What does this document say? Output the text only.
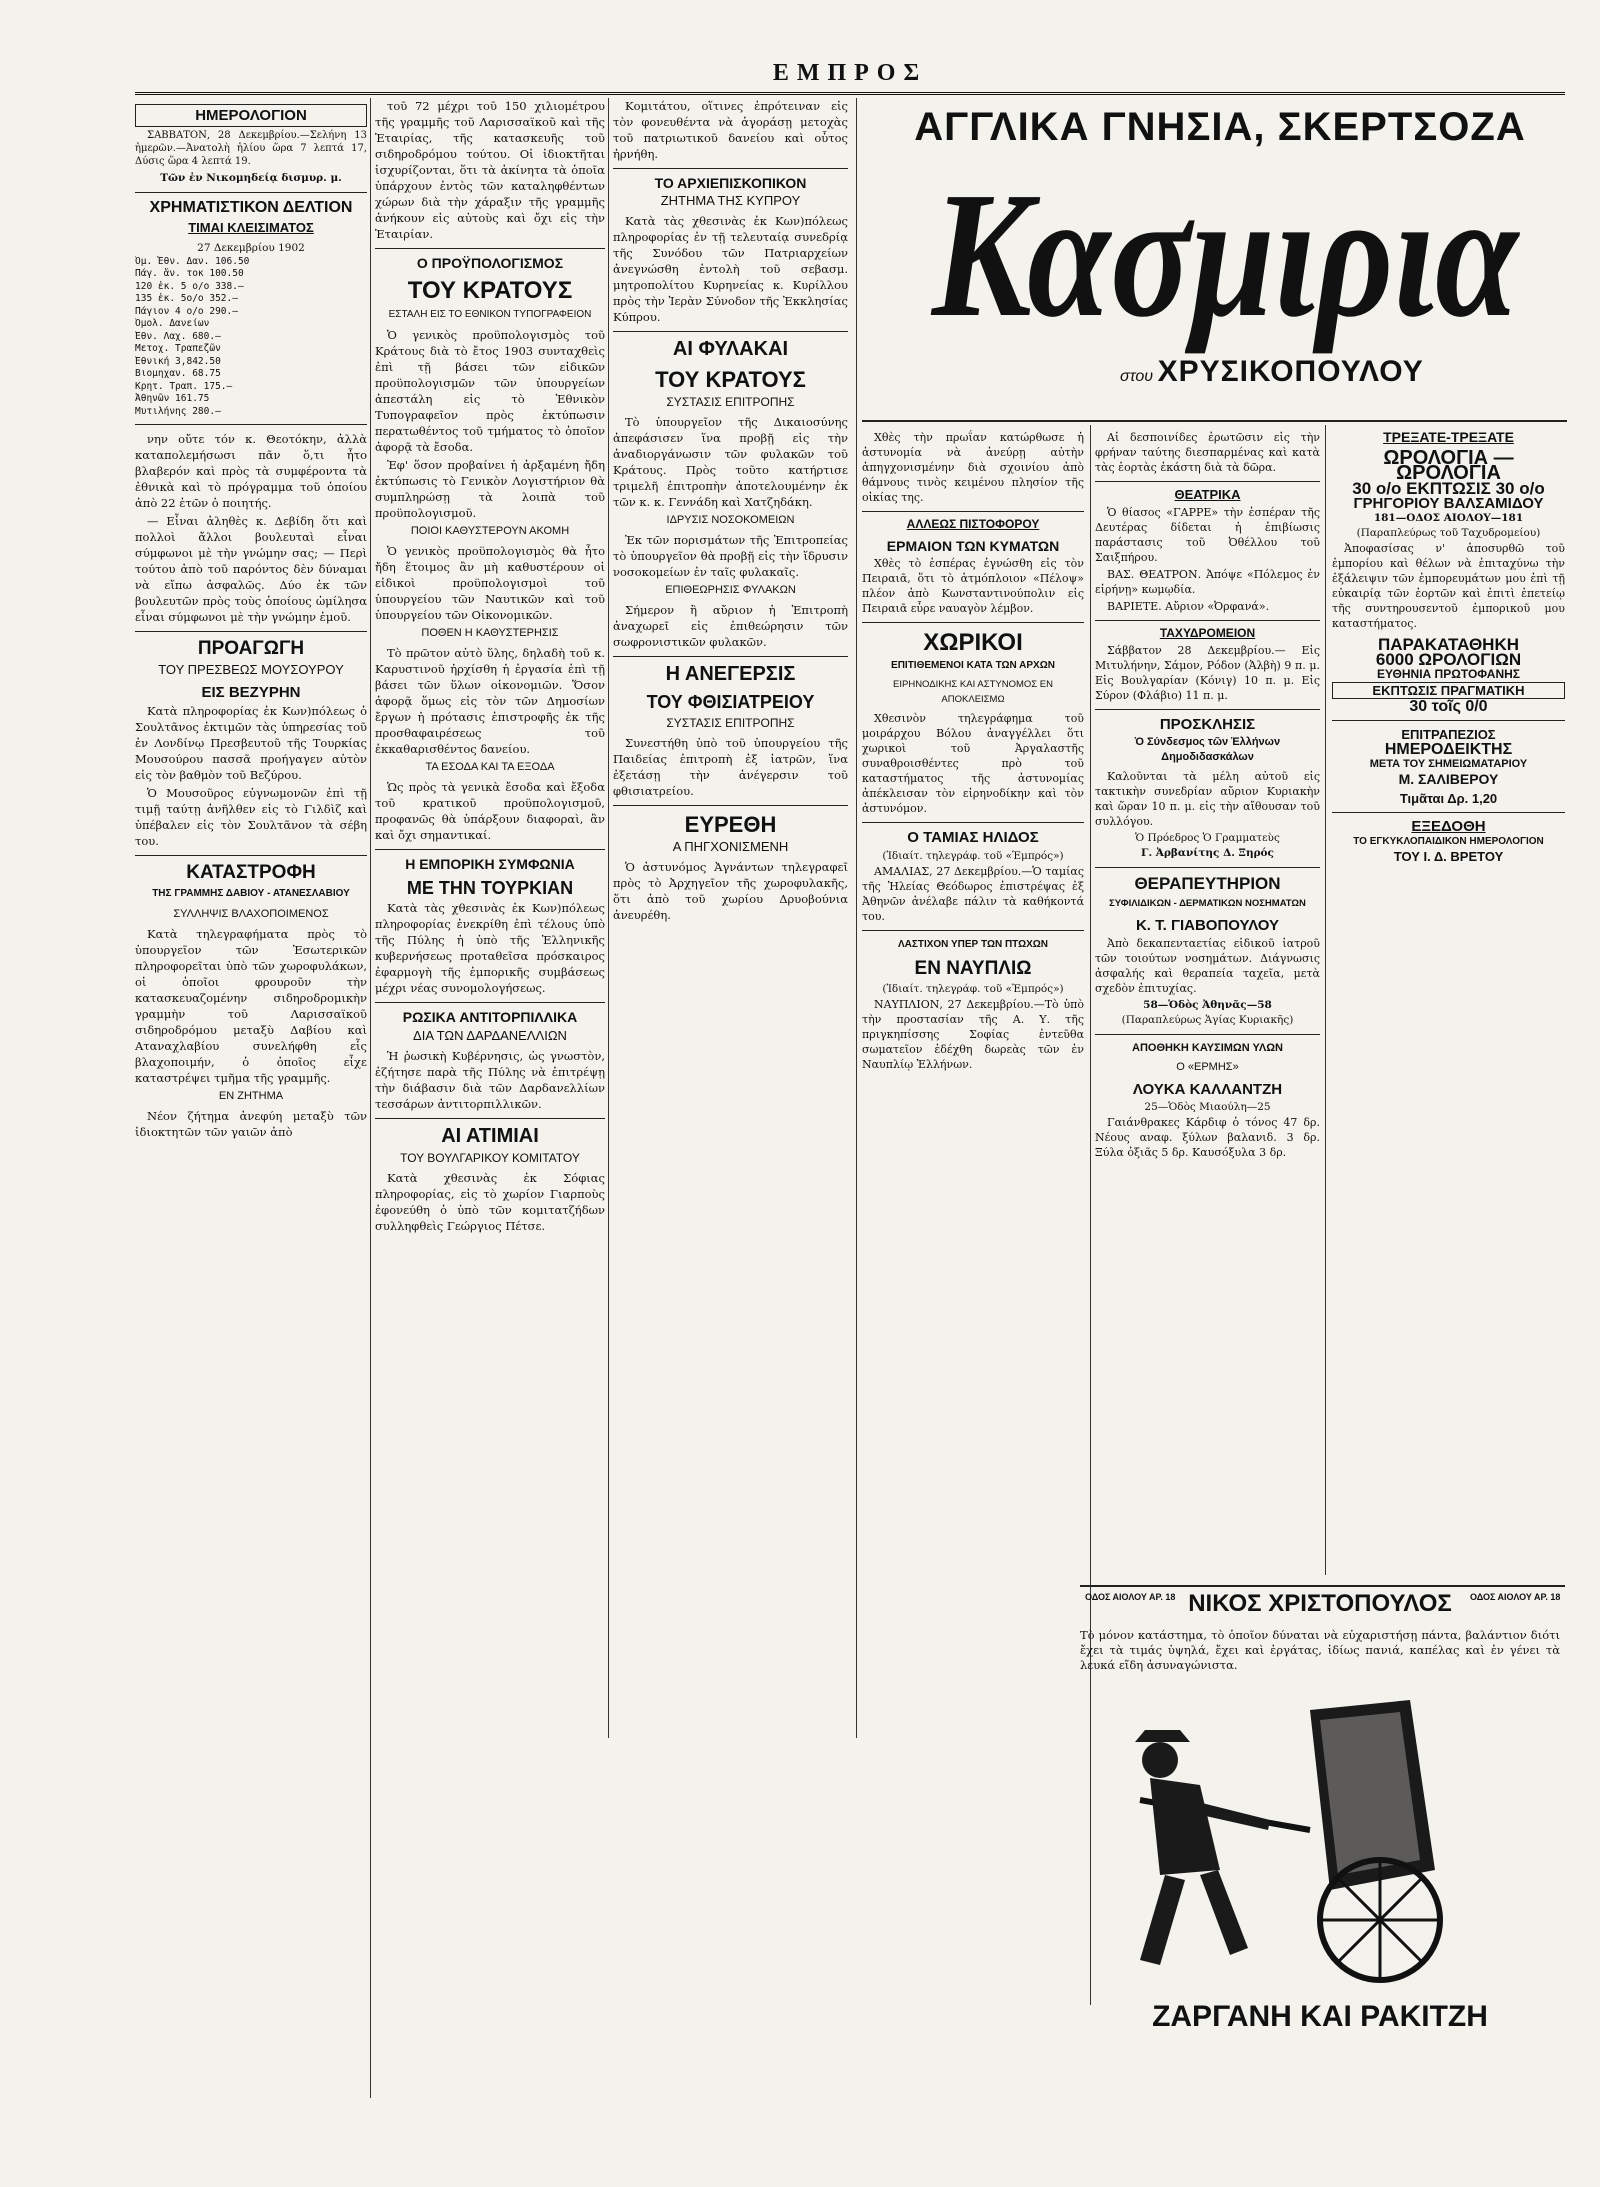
ΕΜΠΡΟΣ
ΗΜΕΡΟΛΟΓΙΟΝ

ΣΑΒΒΑΤΟΝ, 28 Δεκεμβρίου.—Σελήνη 13 ἡμερῶν.—Ἀνατολὴ ἡλίου ὥρα 7 λεπτά 17, Δύσις ὥρα 4 λεπτά 19.

Τῶν ἐν Νικομηδείᾳ δισμυρ. μ.
ΧΡΗΜΑΤΙΣΤΙΚΟΝ ΔΕΛΤΙΟΝ
ΤΙΜΑΙ ΚΛΕΙΣΙΜΑΤΟΣ
27 Δεκεμβρίου 1902
Ὁμ. Ἐθν. Δαν. 106.50
Πάγ. ἄν. τοκ 100.50
120 ἐκ. 5 ο/ο 338.—
135 ἐκ. 5ο/ο 352.—
Πάγιον 4 ο/ο 290.—
Ὁμολ. Δανείων
Ἐθν. Λαχ. 680.—
Μετοχ. Τραπεζῶν
Ἐθνική 3,842.50
Βιομηχαν. 68.75
Κρητ. Τραπ. 175.—
Ἀθηνῶν 161.75
Μυτιλήνης 280.—

νην οὔτε τόν κ. Θεοτόκην, ἀλλὰ καταπολεμήσωσι πᾶν ὅ,τι ἦτο βλαβερόν καὶ πρὸς τὰ συμφέροντα τὰ ἐθνικὰ καὶ τὸ πρόγραμμα τοῦ ὁποίου ἀπὸ 22 ἐτῶν ὁ ποιητής.

— Εἶναι ἀληθὲς κ. Δεβίδη ὅτι καὶ πολλοὶ ἄλλοι βουλευταὶ εἶναι σύμφωνοι μὲ τὴν γνώμην σας; — Περὶ τούτου ἀπὸ τοῦ παρόντος δὲν δύναμαι νὰ εἴπω ἀσφαλῶς. Δύο ἐκ τῶν βουλευτῶν πρὸς τοὺς ὁποίους ὡμίλησα εἶναι σύμφωνοι μὲ τὴν γνώμην ἐμοῦ.

ΠΡΟΑΓΩΓΗ
ΤΟΥ ΠΡΕΣΒΕΩΣ ΜΟΥΣΟΥΡΟΥ
ΕΙΣ ΒΕΖΥΡΗΝ

Κατὰ πληροφορίας ἐκ Κων)πόλεως ὁ Σουλτᾶνος ἐκτιμῶν τὰς ὑπηρεσίας τοῦ ἐν Λονδίνῳ Πρεσβευτοῦ τῆς Τουρκίας Μουσούρου πασσᾶ προήγαγεν αὐτὸν εἰς τὸν βαθμὸν τοῦ Βεζύρου.

Ὁ Μουσοῦρος εὐγνωμονῶν ἐπὶ τῇ τιμῇ ταύτῃ ἀνῆλθεν εἰς τὸ Γιλδὶζ καὶ ὑπέβαλεν εἰς τὸν Σουλτᾶνον τὰ σέβη του.

ΚΑΤΑΣΤΡΟΦΗ
ΤΗΣ ΓΡΑΜΜΗΣ ΔΑΒΙΟΥ - ΑΤΑΝΕΣΛΑΒΙΟΥ
ΣΥΛΛΗΨΙΣ ΒΛΑΧΟΠΟΙΜΕΝΟΣ

Κατὰ τηλεγραφήματα πρὸς τὸ ὑπουργεῖον τῶν Ἐσωτερικῶν πληροφορεῖται ὑπὸ τῶν χωροφυλάκων, οἱ ὁποῖοι φρουροῦν τὴν κατασκευαζομένην σιδηροδρομικὴν γραμμὴν τοῦ Λαρισσαϊκοῦ σιδηροδρόμου μεταξὺ Δαβίου καὶ Αταναχλαβίου συνελήφθη εἷς βλαχοποιμήν, ὁ ὁποῖος εἶχε καταστρέψει τμῆμα τῆς γραμμῆς.

ΕΝ ΖΗΤΗΜΑ

Νέον ζήτημα ἀνεφύη μεταξὺ τῶν ἰδιοκτητῶν τῶν γαιῶν ἀπὸ

τοῦ 72 μέχρι τοῦ 150 χιλιομέτρου τῆς γραμμῆς τοῦ Λαρισσαϊκοῦ καὶ τῆς Ἑταιρίας, τῆς κατασκευῆς τοῦ σιδηροδρόμου τούτου. Οἱ ἰδιοκτῆται ἰσχυρίζονται, ὅτι τὰ ἀκίνητα τὰ ὁποῖα ὑπάρχουν ἐντὸς τῶν καταληφθέντων χώρων διὰ τὴν χάραξιν τῆς γραμμῆς ἀνήκουν εἰς αὐτοὺς καὶ ὄχι εἰς τὴν Ἑταιρίαν.

Ο ΠΡΟΫΠΟΛΟΓΙΣΜΟΣ
ΤΟΥ ΚΡΑΤΟΥΣ
ΕΣΤΑΛΗ ΕΙΣ ΤΟ ΕΘΝΙΚΟΝ ΤΥΠΟΓΡΑΦΕΙΟΝ

Ὁ γενικὸς προϋπολογισμὸς τοῦ Κράτους διὰ τὸ ἔτος 1903 συνταχθεὶς ἐπὶ τῇ βάσει τῶν εἰδικῶν προϋπολογισμῶν τῶν ὑπουργείων ἀπεστάλη εἰς τὸ Ἐθνικὸν Τυπογραφεῖον πρὸς ἐκτύπωσιν περατωθέντος τοῦ τμήματος τὸ ὁποῖον ἀφορᾷ τὰ ἔσοδα.

Ἐφ' ὅσον προβαίνει ἡ ἀρξαμένη ἤδη ἐκτύπωσις τὸ Γενικὸν Λογιστήριον θὰ συμπληρώσῃ τὰ λοιπὰ τοῦ προϋπολογισμοῦ.

ΠΟΙΟΙ ΚΑΘΥΣΤΕΡΟΥΝ ΑΚΟΜΗ

Ὁ γενικὸς προϋπολογισμὸς θὰ ἦτο ἤδη ἕτοιμος ἂν μὴ καθυστέρουν οἱ εἰδικοὶ προϋπολογισμοὶ τοῦ ὑπουργείου τῶν Ναυτικῶν καὶ τοῦ ὑπουργείου τῶν Οἰκονομικῶν.

ΠΟΘΕΝ Η ΚΑΘΥΣΤΕΡΗΣΙΣ

Τὸ πρῶτον αὐτὸ ὕλης, δηλαδὴ τοῦ κ. Καρυστινοῦ ἠρχίσθη ἡ ἐργασία ἐπὶ τῇ βάσει τῶν ὕλων οἰκονομιῶν. Ὅσον ἀφορᾷ ὅμως εἰς τὸν τῶν Δημοσίων ἔργων ἡ πρότασις ἐπιστροφῆς ἐκ τῆς προσθαφαιρέσεως τοῦ ἐκκαθαρισθέντος δανείου.

ΤΑ ΕΣΟΔΑ ΚΑΙ ΤΑ ΕΞΟΔΑ

Ὡς πρὸς τὰ γενικὰ ἔσοδα καὶ ἔξοδα τοῦ κρατικοῦ προϋπολογισμοῦ, προφανῶς θὰ ὑπάρξουν διαφοραὶ, ἂν καὶ ὄχι σημαντικαί.

Η ΕΜΠΟΡΙΚΗ ΣΥΜΦΩΝΙΑ
ΜΕ ΤΗΝ ΤΟΥΡΚΙΑΝ

Κατὰ τὰς χθεσινὰς ἐκ Κων)πόλεως πληροφορίας ἐνεκρίθη ἐπὶ τέλους ὑπὸ τῆς Πύλης ἡ ὑπὸ τῆς Ἑλληνικῆς κυβερνήσεως προταθεῖσα πρόσκαιρος ἐφαρμογὴ τῆς ἐμπορικῆς συμβάσεως μέχρι νέας συνομολογήσεως.

ΡΩΣΙΚΑ ΑΝΤΙΤΟΡΠΙΛΛΙΚΑ
ΔΙΑ ΤΩΝ ΔΑΡΔΑΝΕΛΛΙΩΝ

Ἡ ῥωσικὴ Κυβέρνησις, ὡς γνωστὸν, ἐζήτησε παρὰ τῆς Πύλης νὰ ἐπιτρέψῃ τὴν διάβασιν διὰ τῶν Δαρδανελλίων τεσσάρων ἀντιτορπιλλικῶν.

ΑΙ ΑΤΙΜΙΑΙ
ΤΟΥ ΒΟΥΛΓΑΡΙΚΟΥ ΚΟΜΙΤΑΤΟΥ

Κατὰ χθεσινὰς ἐκ Σόφιας πληροφορίας, εἰς τὸ χωρίον Γιαρποὺς ἐφονεύθη ὁ ὑπὸ τῶν κομιτατζήδων συλληφθεὶς Γεώργιος Πέτσε.

Κομιτάτου, οἵτινες ἐπρότειναν εἰς τὸν φονευθέντα νὰ ἀγοράσῃ μετοχὰς τοῦ πατριωτικοῦ δανείου καὶ οὗτος ἠρνήθη.

ΤΟ ΑΡΧΙΕΠΙΣΚΟΠΙΚΟΝ
ΖΗΤΗΜΑ ΤΗΣ ΚΥΠΡΟΥ

Κατὰ τὰς χθεσινὰς ἐκ Κων)πόλεως πληροφορίας ἐν τῇ τελευταίᾳ συνεδρίᾳ τῆς Συνόδου τῶν Πατριαρχείων ἀνεγνώσθη ἐντολὴ τοῦ σεβασμ. μητροπολίτου Κυρηνείας κ. Κυρίλλου πρὸς τὴν Ἱερὰν Σύνοδον τῆς Ἐκκλησίας Κύπρου.

ΑΙ ΦΥΛΑΚΑΙ
ΤΟΥ ΚΡΑΤΟΥΣ
ΣΥΣΤΑΣΙΣ ΕΠΙΤΡΟΠΗΣ

Τὸ ὑπουργεῖον τῆς Δικαιοσύνης ἀπεφάσισεν ἵνα προβῇ εἰς τὴν ἀναδιοργάνωσιν τῶν φυλακῶν τοῦ Κράτους. Πρὸς τοῦτο κατήρτισε τριμελῆ ἐπιτροπὴν ἀποτελουμένην ἐκ τῶν κ. κ. Γεννάδη καὶ Χατζηδάκη.

ΙΔΡΥΣΙΣ ΝΟΣΟΚΟΜΕΙΩΝ

Ἐκ τῶν πορισμάτων τῆς Ἐπιτροπείας τὸ ὑπουργεῖον θὰ προβῇ εἰς τὴν ἵδρυσιν νοσοκομείων ἐν ταῖς φυλακαῖς.

ΕΠΙΘΕΩΡΗΣΙΣ ΦΥΛΑΚΩΝ

Σήμερον ἢ αὔριον ἡ Ἐπιτροπὴ ἀναχωρεῖ εἰς ἐπιθεώρησιν τῶν σωφρονιστικῶν φυλακῶν.

Η ΑΝΕΓΕΡΣΙΣ
ΤΟΥ ΦΘΙΣΙΑΤΡΕΙΟΥ
ΣΥΣΤΑΣΙΣ ΕΠΙΤΡΟΠΗΣ

Συνεστήθη ὑπὸ τοῦ ὑπουργείου τῆς Παιδείας ἐπιτροπὴ ἐξ ἰατρῶν, ἵνα ἐξετάσῃ τὴν ἀνέγερσιν τοῦ φθισιατρείου.

ΕΥΡΕΘΗ
Α ΠΗΓΧΟΝΙΣΜΕΝΗ

Ὁ ἀστυνόμος Ἀγνάντων τηλεγραφεῖ πρὸς τὸ Ἀρχηγεῖον τῆς χωροφυλακῆς, ὅτι ἀπὸ τοῦ χωρίου Δρυοβούνια ἀνευρέθη.

ΑΓΓΛΙΚΑ ΓΝΗΣΙΑ, ΣΚΕΡΤΣΟΖΑ
Κασμιρια
στου ΧΡΥΣΙΚΟΠΟΥΛΟΥ

Χθὲς τὴν πρωΐαν κατώρθωσε ἡ ἀστυνομία νὰ ἀνεύρῃ αὐτὴν ἀπηγχονισμένην διὰ σχοινίου ἀπὸ θάμνους τινὸς κειμένου πλησίον τῆς οἰκίας της.

ΑΛΛΕΩΣ ΠΙΣΤΟΦΟΡΟΥ
ΕΡΜΑΙΟΝ ΤΩΝ ΚΥΜΑΤΩΝ

Χθὲς τὸ ἑσπέρας ἐγνώσθη εἰς τὸν Πειραιᾶ, ὅτι τὸ ἀτμόπλοιον «Πέλοψ» πλέον ἀπὸ Κωνσταντινούπολιν εἰς Πειραιᾶ εὗρε ναυαγὸν λέμβον.

ΧΩΡΙΚΟΙ
ΕΠΙΤΙΘΕΜΕΝΟΙ ΚΑΤΑ ΤΩΝ ΑΡΧΩΝ
ΕΙΡΗΝΟΔΙΚΗΣ ΚΑΙ ΑΣΤΥΝΟΜΟΣ ΕΝ ΑΠΟΚΛΕΙΣΜΩ

Χθεσινὸν τηλεγράφημα τοῦ μοιράρχου Βόλου ἀναγγέλλει ὅτι χωρικοὶ τοῦ Ἀργαλαστῆς συναθροισθέντες πρὸ τοῦ καταστήματος τῆς ἀστυνομίας ἀπέκλεισαν τὸν εἰρηνοδίκην καὶ τὸν ἀστυνόμον.

Ο ΤΑΜΙΑΣ ΗΛΙΔΟΣ
(Ἰδιαίτ. τηλεγράφ. τοῦ «Ἐμπρός»)

ΑΜΑΛΙΑΣ, 27 Δεκεμβρίου.—Ὁ ταμίας τῆς Ἠλείας Θεόδωρος ἐπιστρέψας ἐξ Ἀθηνῶν ἀνέλαβε πάλιν τὰ καθήκοντά του.

ΛΑΣΤΙΧΟΝ ΥΠΕΡ ΤΩΝ ΠΤΩΧΩΝ
ΕΝ ΝΑΥΠΛΙΩ
(Ἰδιαίτ. τηλεγράφ. τοῦ «Ἐμπρός»)

ΝΑΥΠΛΙΟΝ, 27 Δεκεμβρίου.—Τὸ ὑπὸ τὴν προστασίαν τῆς Α. Υ. τῆς πριγκηπίσσης Σοφίας ἐντεῦθα σωματεῖον ἐδέχθη δωρεὰς τῶν ἐν Ναυπλίῳ Ἑλλήνων.

Αἱ δεσποινίδες ἐρωτῶσιν εἰς τὴν φρήναν ταύτης διεσπαρμένας καὶ κατὰ τὰς ἑορτὰς ἐκάστη διὰ τὰ δῶρα.

ΘΕΑΤΡΙΚΑ

Ὁ θίασος «ΓΑΡΡΕ» τὴν ἑσπέραν τῆς Δευτέρας δίδεται ἡ ἐπιβίωσις παράστασις τοῦ Ὀθέλλου τοῦ Σαιξπήρου.

ΒΑΣ. ΘΕΑΤΡΟΝ. Ἀπόψε «Πόλεμος ἐν εἰρήνῃ» κωμῳδία.

ΒΑΡΙΕΤΕ. Αὔριον «Ὀρφανά».

ΤΑΧΥΔΡΟΜΕΙΟΝ

Σάββατον 28 Δεκεμβρίου.— Εἰς Μιτυλήνην, Σάμον, Ρόδον (Ἀλβὴ) 9 π. μ. Εἰς Βουλγαρίαν (Κόνιγ) 10 π. μ. Εἰς Σύρον (Φλάβιο) 11 π. μ.

ΠΡΟΣΚΛΗΣΙΣ
Ὁ Σύνδεσμος τῶν Ἑλλήνων Δημοδιδασκάλων

Καλοῦνται τὰ μέλη αὐτοῦ εἰς τακτικὴν συνεδρίαν αὔριον Κυριακὴν καὶ ὥραν 10 π. μ. εἰς τὴν αἴθουσαν τοῦ συλλόγου.

Ὁ Πρόεδρος Ὁ Γραμματεὺς
Γ. Ἀρβανίτης Δ. Ξηρός
ΘΕΡΑΠΕΥΤΗΡΙΟΝ
ΣΥΦΙΛΙΔΙΚΩΝ - ΔΕΡΜΑΤΙΚΩΝ ΝΟΣΗΜΑΤΩΝ
Κ. Τ. ΓΙΑΒΟΠΟΥΛΟΥ

Ἀπὸ δεκαπενταετίας εἰδικοῦ ἰατροῦ τῶν τοιούτων νοσημάτων. Διάγνωσις ἀσφαλής καὶ θεραπεία ταχεῖα, μετὰ σχεδὸν ἐπιτυχίας.

58—Ὁδὸς Ἀθηνᾶς—58
(Παραπλεύρως Ἁγίας Κυριακῆς)
ΑΠΟΘΗΚΗ ΚΑΥΣΙΜΩΝ ΥΛΩΝ
Ο «ΕΡΜΗΣ»
ΛΟΥΚΑ ΚΑΛΛΑΝΤΖΗ
25—Ὁδὸς Μιαούλη—25

Γαιάνθρακες Κάρδιφ ὁ τόνος 47 δρ. Νέους αναφ. ξύλων βαλανιδ. 3 δρ. Ξύλα ὀξιᾶς 5 δρ. Καυσόξυλα 3 δρ.

ΤΡΕΞΑΤΕ-ΤΡΕΞΑΤΕ
ΩΡΟΛΟΓΙΑ — ΩΡΟΛΟΓΙΑ
30 ο/ο ΕΚΠΤΩΣΙΣ 30 ο/ο
ΓΡΗΓΟΡΙΟΥ ΒΑΛΣΑΜΙΔΟΥ
181—ΟΔΟΣ ΑΙΟΛΟΥ—181
(Παραπλεύρως τοῦ Ταχυδρομείου)

Ἀποφασίσας ν' ἀποσυρθῶ τοῦ ἐμπορίου καὶ θέλων νὰ ἐπιταχύνω τὴν ἐξάλειψιν τῶν ἐμπορευμάτων μου ἐπὶ τῇ εὐκαιρίᾳ τῶν ἑορτῶν καὶ ἐπιτὶ ἐπετείῳ τῆς συντηρουσεντοῦ ἐμπορικοῦ μου καταστήματος.

ΠΑΡΑΚΑΤΑΘΗΚΗ
6000 ΩΡΟΛΟΓΙΩΝ
ΕΥΘΗΝΙΑ ΠΡΩΤΟΦΑΝΗΣ
ΕΚΠΤΩΣΙΣ ΠΡΑΓΜΑΤΙΚΗ
30 τοῖς 0/0
ΕΠΙΤΡΑΠΕΖΙΟΣ
ΗΜΕΡΟΔΕΙΚΤΗΣ
ΜΕΤΑ ΤΟΥ ΣΗΜΕΙΩΜΑΤΑΡΙΟΥ
Μ. ΣΑΛΙΒΕΡΟΥ
Τιμᾶται Δρ. 1,20
ΕΞΕΔΟΘΗ
ΤΟ ΕΓΚΥΚΛΟΠΑΙΔΙΚΟΝ ΗΜΕΡΟΛΟΓΙΟΝ
ΤΟΥ Ι. Δ. ΒΡΕΤΟΥ
ΟΔΟΣ ΑΙΟΛΟΥ ΑΡ. 18 ΝΙΚΟΣ ΧΡΙΣΤΟΠΟΥΛΟΣ	ΟΔΟΣ ΑΙΟΛΟΥ ΑΡ. 18
Τὸ μόνον κατάστημα, τὸ ὁποῖον δύναται νὰ εὐχαριστήσῃ πάντα, βαλάντιον διότι ἔχει τὰ τιμάς ὑψηλά, ἔχει καὶ ἐργάτας, ἰδίως πανιά, καπέλας καὶ ἐν γένει τὰ λευκά εἴδη ἀσυναγώνιστα.
ΖΑΡΓΑΝΗ ΚΑΙ ΡΑΚΙΤΖΗ
